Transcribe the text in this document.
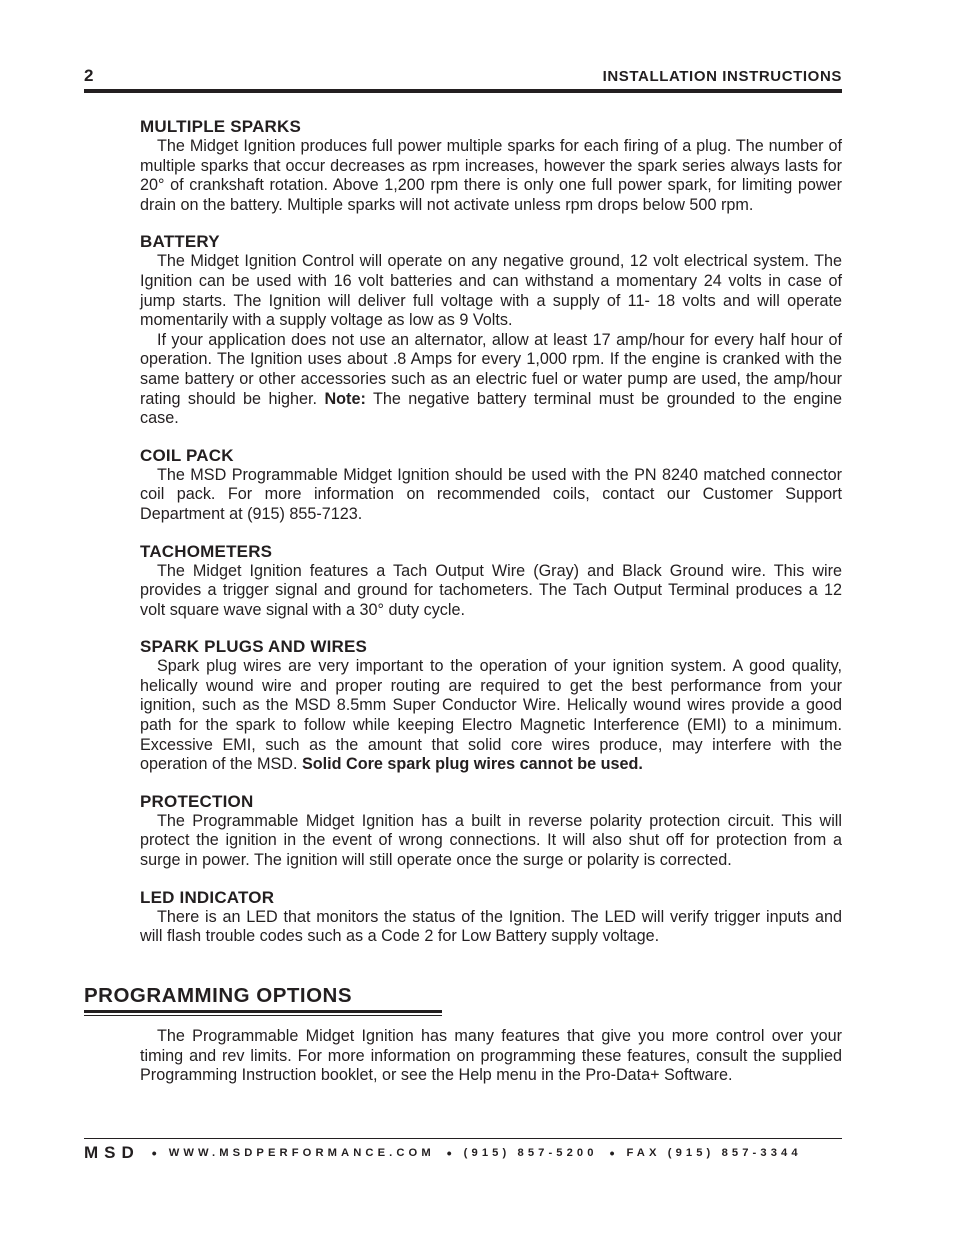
2	INSTALLATION INSTRUCTIONS
MULTIPLE SPARKS

The Midget Ignition produces full power multiple sparks for each firing of a plug. The number of multiple sparks that occur decreases as rpm increases, however the spark series always lasts for 20° of crankshaft rotation. Above 1,200 rpm there is only one full power spark, for limiting power drain on the battery. Multiple sparks will not activate unless rpm drops below 500 rpm.

BATTERY

The Midget Ignition Control will operate on any negative ground, 12 volt electrical system. The Ignition can be used with 16 volt batteries and can withstand a momentary 24 volts in case of jump starts. The Ignition will deliver full voltage with a supply of 11- 18 volts and will operate momentarily with a supply voltage as low as 9 Volts.

If your application does not use an alternator, allow at least 17 amp/hour for every half hour of operation. The Ignition uses about .8 Amps for every 1,000 rpm. If the engine is cranked with the same battery or other accessories such as an electric fuel or water pump are used, the amp/hour rating should be higher. Note: The negative battery terminal must be grounded to the engine case.

COIL PACK

The MSD Programmable Midget Ignition should be used with the PN 8240 matched connector coil pack. For more information on recommended coils, contact our Customer Support Department at (915) 855-7123.

TACHOMETERS

The Midget Ignition features a Tach Output Wire (Gray) and Black Ground wire. This wire provides a trigger signal and ground for tachometers. The Tach Output Terminal produces a 12 volt square wave signal with a 30° duty cycle.

SPARK PLUGS AND WIRES

Spark plug wires are very important to the operation of your ignition system. A good quality, helically wound wire and proper routing are required to get the best performance from your ignition, such as the MSD 8.5mm Super Conductor Wire. Helically wound wires provide a good path for the spark to follow while keeping Electro Magnetic Interference (EMI) to a minimum. Excessive EMI, such as the amount that solid core wires produce, may interfere with the operation of the MSD. Solid Core spark plug wires cannot be used.

PROTECTION

The Programmable Midget Ignition has a built in reverse polarity protection circuit. This will protect the ignition in the event of wrong connections. It will also shut off for protection from a surge in power. The ignition will still operate once the surge or polarity is corrected.

LED INDICATOR

There is an LED that monitors the status of the Ignition. The LED will verify trigger inputs and will flash trouble codes such as a Code 2 for Low Battery supply voltage.

PROGRAMMING OPTIONS

The Programmable Midget Ignition has many features that give you more control over your timing and rev limits. For more information on programming these features, consult the supplied Programming Instruction booklet, or see the Help menu in the Pro-Data+ Software.

MSD • WWW.MSDPERFORMANCE.COM • (915) 857-5200 • FAX (915) 857-3344
